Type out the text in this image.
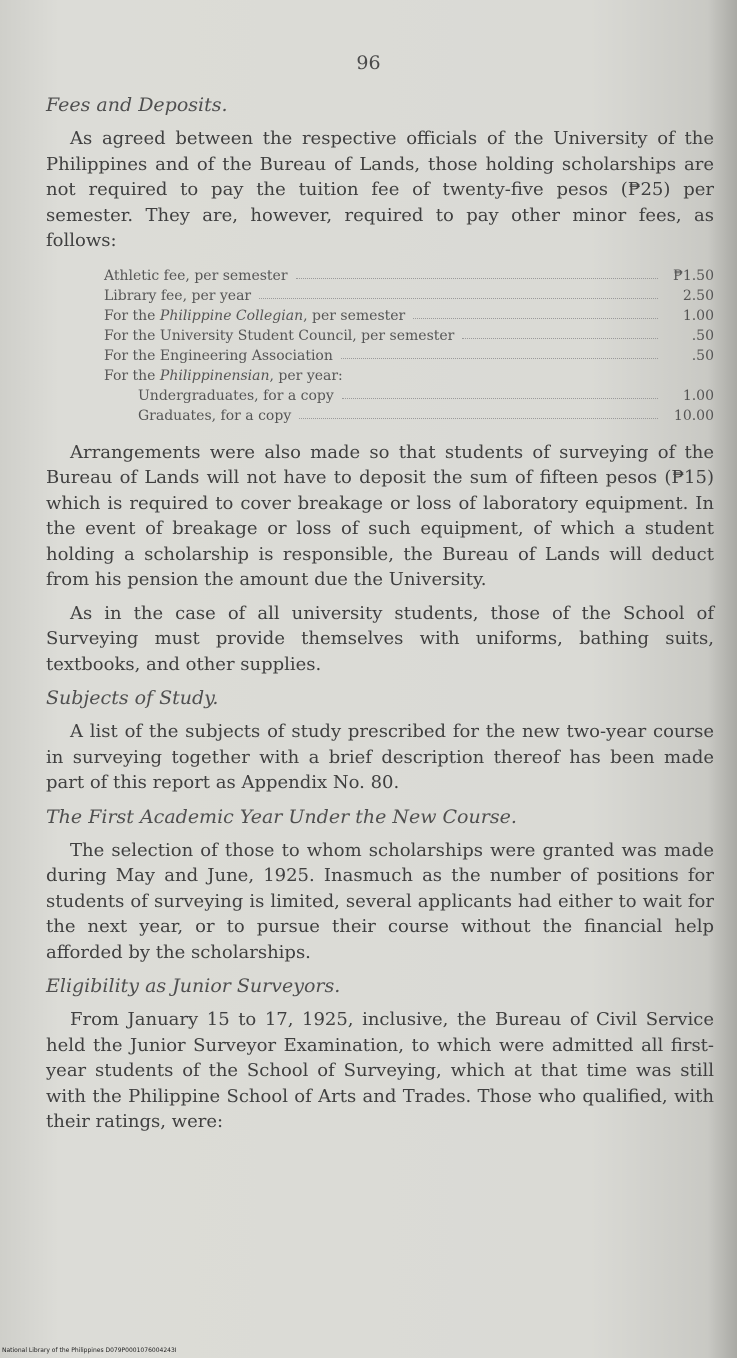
96
Fees and Deposits.

As agreed between the respective officials of the University of the Philippines and of the Bureau of Lands, those holding scholarships are not required to pay the tuition fee of twenty-five pesos (₱25) per semester. They are, however, required to pay other minor fees, as follows:

Athletic fee, per semester	₱1.50
Library fee, per year	2.50
For the Philippine Collegian, per semester	1.00
For the University Student Council, per semester	.50
For the Engineering Association	.50
For the Philippinensian, per year:
Undergraduates, for a copy	1.00
Graduates, for a copy	10.00

Arrangements were also made so that students of surveying of the Bureau of Lands will not have to deposit the sum of fifteen pesos (₱15) which is required to cover breakage or loss of laboratory equipment. In the event of breakage or loss of such equipment, of which a student holding a scholarship is responsible, the Bureau of Lands will deduct from his pension the amount due the University.

As in the case of all university students, those of the School of Surveying must provide themselves with uniforms, bathing suits, textbooks, and other supplies.

Subjects of Study.

A list of the subjects of study prescribed for the new two-year course in surveying together with a brief description thereof has been made part of this report as Appendix No. 80.

The First Academic Year Under the New Course.

The selection of those to whom scholarships were granted was made during May and June, 1925. Inasmuch as the number of positions for students of surveying is limited, several applicants had either to wait for the next year, or to pursue their course without the financial help afforded by the scholarships.

Eligibility as Junior Surveyors.

From January 15 to 17, 1925, inclusive, the Bureau of Civil Service held the Junior Surveyor Examination, to which were admitted all first-year students of the School of Surveying, which at that time was still with the Philippine School of Arts and Trades. Those who qualified, with their ratings, were:

National Library of the Philippines D079P0001076004243I
